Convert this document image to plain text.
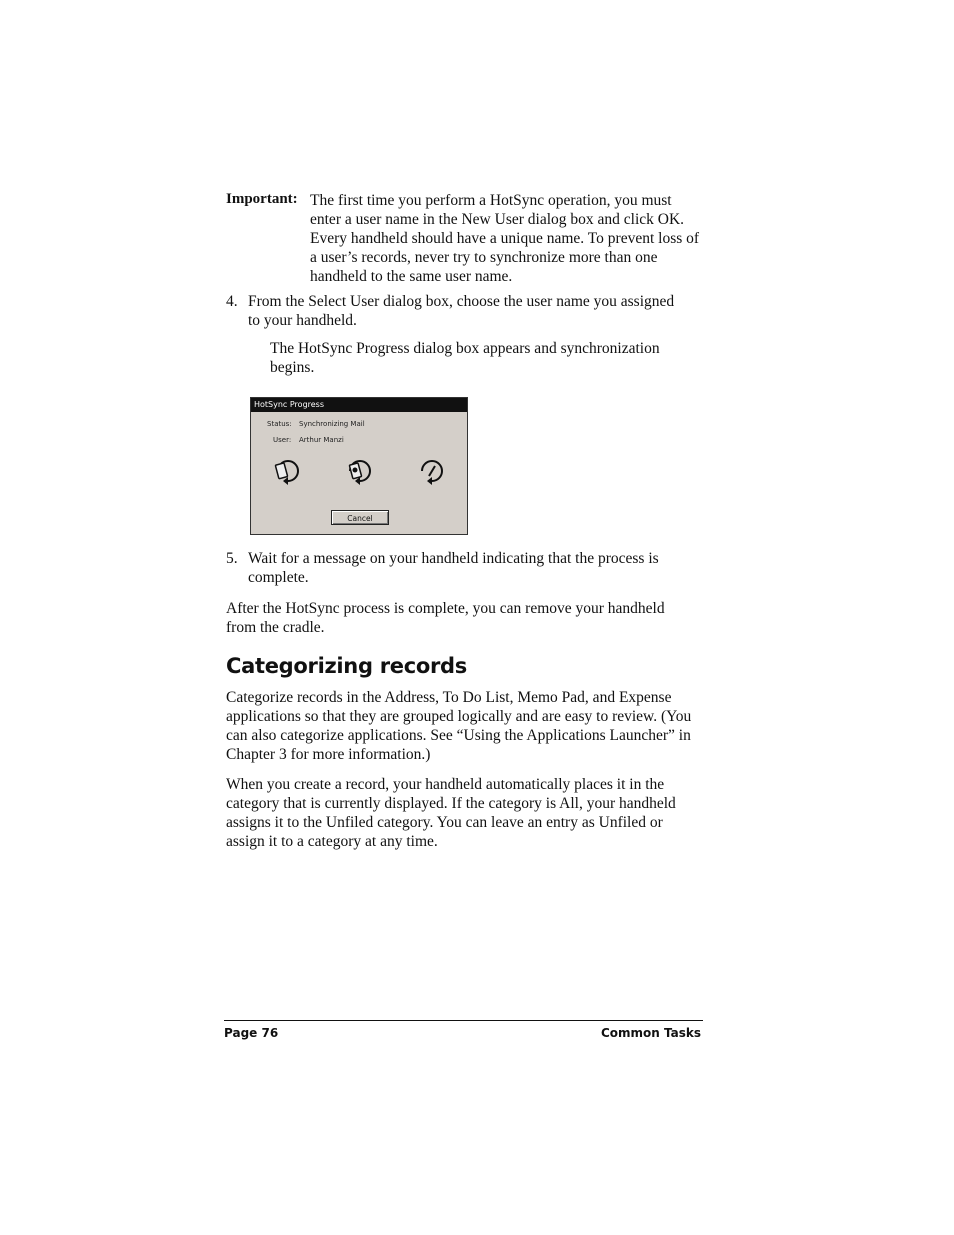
Important: The first time you perform a HotSync operation, you must enter a user name in the New User dialog box and click OK. Every handheld should have a unique name. To prevent loss of a user’s records, never try to synchronize more than one handheld to the same user name.

4. From the Select User dialog box, choose the user name you assigned to your handheld.

The HotSync Progress dialog box appears and synchronization begins.

HotSync Progress
Status: Synchronizing Mail
User: Arthur Manzi
Cancel
5. Wait for a message on your handheld indicating that the process is complete.

After the HotSync process is complete, you can remove your handheld from the cradle.

Categorizing records

Categorize records in the Address, To Do List, Memo Pad, and Expense applications so that they are grouped logically and are easy to review. (You can also categorize applications. See “Using the Applications Launcher” in Chapter 3 for more information.)

When you create a record, your handheld automatically places it in the category that is currently displayed. If the category is All, your handheld assigns it to the Unfiled category. You can leave an entry as Unfiled or assign it to a category at any time.

Page 76	Common Tasks
